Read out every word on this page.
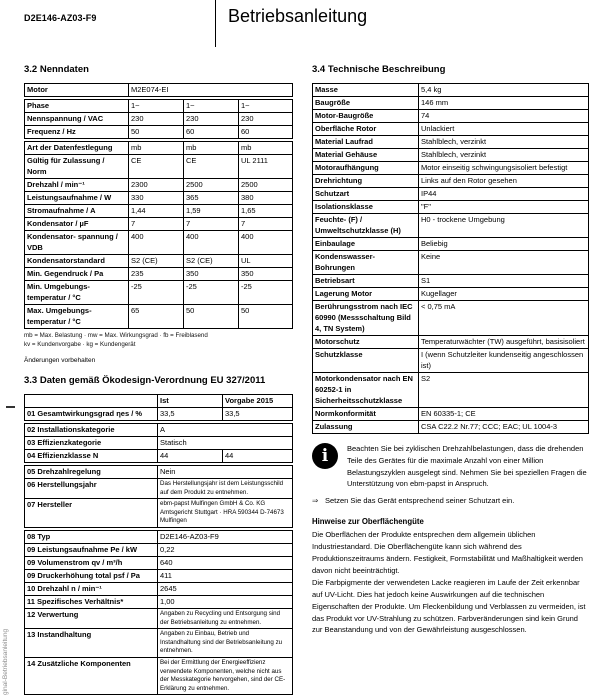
D2E146-AZ03-F9	Betriebsanleitung
ginal-Betriebsanleitung
3.2 Nenndaten
Motor	M2E074-EI
Phase	1~	1~	1~
Nennspannung / VAC	230	230	230
Frequenz / Hz	50	60	60
Art der Datenfestlegung	mb	mb	mb
Gültig für Zulassung / Norm	CE	CE	UL 2111
Drehzahl / min⁻¹	2300	2500	2500
Leistungsaufnahme / W	330	365	380
Stromaufnahme / A	1,44	1,59	1,65
Kondensator / µF	7	7	7
Kondensator- spannung / VDB	400	400	400
Kondensatorstandard	S2 (CE)	S2 (CE)	UL
Min. Gegendruck / Pa	235	350	350
Min. Umgebungs- temperatur / °C	-25	-25	-25
Max. Umgebungs- temperatur / °C	65	50	50
mb = Max. Belastung · mw = Max. Wirkungsgrad · fb = Freiblasend
kv = Kundenvorgabe · kg = Kundengerät
Änderungen vorbehalten
3.3 Daten gemäß Ökodesign-Verordnung EU 327/2011
	Ist	Vorgabe 2015
01 Gesamtwirkungsgrad ηes / %	33,5	33,5
02 Installationskategorie	A	
03 Effizienzkategorie	Statisch	
04 Effizienzklasse N	44	44
05 Drehzahlregelung	Nein
06 Herstellungsjahr	Das Herstellungsjahr ist dem Leistungsschild auf dem Produkt zu entnehmen.
07 Hersteller	ebm-papst Mulfingen GmbH & Co. KG Amtsgericht Stuttgart · HRA 590344 D-74673 Mulfingen
08 Typ	D2E146-AZ03-F9
09 Leistungsaufnahme Pe / kW	0,22
09 Volumenstrom qv / m³/h	640
09 Druckerhöhung total psf / Pa	411
10 Drehzahl n / min⁻¹	2645
11 Spezifisches Verhältnis*	1,00
12 Verwertung	Angaben zu Recycling und Entsorgung sind der Betriebsanleitung zu entnehmen.
13 Instandhaltung	Angaben zu Einbau, Betrieb und Instandhaltung sind der Betriebsanleitung zu entnehmen.
14 Zusätzliche Komponenten	Bei der Ermittlung der Energieeffizienz verwendete Komponenten, welche nicht aus der Messkategorie hervorgehen, sind der CE-Erklärung zu entnehmen.
3.4 Technische Beschreibung
Masse	5,4 kg
Baugröße	146 mm
Motor-Baugröße	74
Oberfläche Rotor	Unlackiert
Material Laufrad	Stahlblech, verzinkt
Material Gehäuse	Stahlblech, verzinkt
Motoraufhängung	Motor einseitig schwingungsisoliert befestigt
Drehrichtung	Links auf den Rotor gesehen
Schutzart	IP44
Isolationsklasse	"F"
Feuchte- (F) / Umweltschutzklasse (H)	H0 - trockene Umgebung
Einbaulage	Beliebig
Kondenswasser- Bohrungen	Keine
Betriebsart	S1
Lagerung Motor	Kugellager
Berührungsstrom nach IEC 60990 (Messschaltung Bild 4, TN System)	< 0,75 mA
Motorschutz	Temperaturwächter (TW) ausgeführt, basisisoliert
Schutzklasse	I (wenn Schutzleiter kundenseitig angeschlossen ist)
Motorkondensator nach EN 60252-1 in Sicherheitsschutzklasse	S2
Normkonformität	EN 60335-1; CE
Zulassung	CSA C22.2 Nr.77; CCC; EAC; UL 1004-3
i	Beachten Sie bei zyklischen Drehzahlbelastungen, dass die drehenden Teile des Gerätes für die maximale Anzahl von einer Million Belastungszyklen ausgelegt sind. Nehmen Sie bei speziellen Fragen die Unterstützung von ebm-papst in Anspruch.
⇒ Setzen Sie das Gerät entsprechend seiner Schutzart ein.
Hinweise zur Oberflächengüte
Die Oberflächen der Produkte entsprechen dem allgemein üblichen Industriestandard. Die Oberflächengüte kann sich während des Produktionszeitraums ändern. Festigkeit, Formstabilität und Maßhaltigkeit werden davon nicht beeinträchtigt.
Die Farbpigmente der verwendeten Lacke reagieren im Laufe der Zeit erkennbar auf UV-Licht. Dies hat jedoch keine Auswirkungen auf die technischen Eigenschaften der Produkte. Um Fleckenbildung und Verblassen zu vermeiden, ist das Produkt vor UV-Strahlung zu schützen. Farbveränderungen sind kein Grund zur Beanstandung und von der Gewährleistung ausgeschlossen.
